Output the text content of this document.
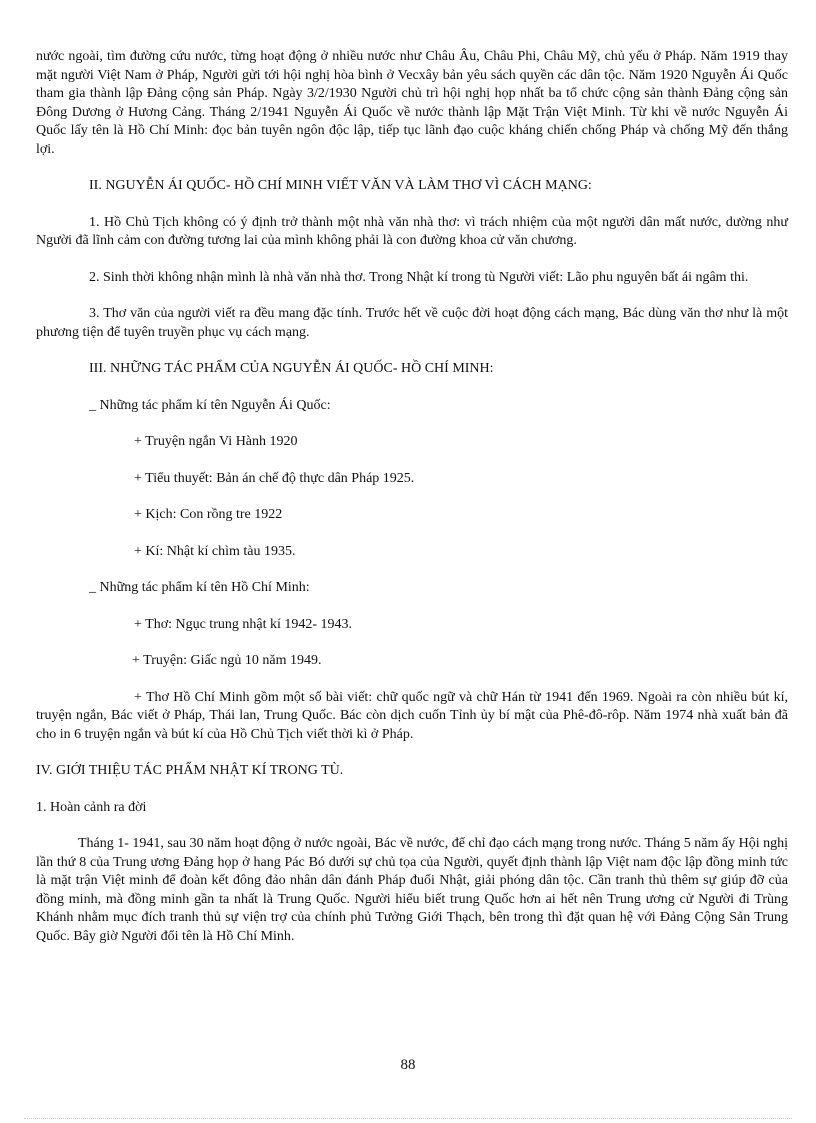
nước ngoài, tìm đường cứu nước, từng hoạt động ở nhiều nước như Châu Âu, Châu Phi, Châu Mỹ, chủ yếu ở Pháp. Năm 1919 thay mặt người Việt Nam ở Pháp, Người gửi tới hội nghị hòa bình ở Vecxây bản yêu sách quyền các dân tộc. Năm 1920 Nguyễn Ái Quốc tham gia thành lập Đảng cộng sản Pháp. Ngày 3/2/1930 Người chủ trì hội nghị họp nhất ba tổ chức cộng sản thành Đảng cộng sản Đông Dương ở Hương Cảng. Tháng 2/1941 Nguyễn Ái Quốc về nước thành lập Mặt Trận Việt Minh. Từ khi về nước Nguyễn Ái Quốc lấy tên là Hồ Chí Minh: đọc bản tuyên ngôn độc lập, tiếp tục lãnh đạo cuộc kháng chiến chống Pháp và chống Mỹ đến thắng lợi.

II. NGUYỄN ÁI QUỐC- HỒ CHÍ MINH VIẾT VĂN VÀ LÀM THƠ VÌ CÁCH MẠNG:

1. Hồ Chủ Tịch không có ý định trở thành một nhà văn nhà thơ: vì trách nhiệm của một người dân mất nước, dường như Người đã lĩnh cảm con đường tương lai của mình không phải là con đường khoa cử văn chương.

2. Sinh thời không nhận mình là nhà văn nhà thơ. Trong Nhật kí trong tù Người viết: Lão phu nguyên bất ái ngâm thi.

3. Thơ văn của người viết ra đều mang đặc tính. Trước hết về cuộc đời hoạt động cách mạng, Bác dùng văn thơ như là một phương tiện để tuyên truyền phục vụ cách mạng.

III. NHỮNG TÁC PHẨM CỦA NGUYỄN ÁI QUỐC- HỒ CHÍ MINH:

_ Những tác phẩm kí tên Nguyễn Ái Quốc:

+ Truyện ngắn Vi Hành 1920

+ Tiểu thuyết: Bản án chế độ thực dân Pháp 1925.

+ Kịch: Con rồng tre 1922

+ Kí: Nhật kí chìm tàu 1935.

_ Những tác phẩm kí tên Hồ Chí Minh:

+ Thơ: Ngục trung nhật kí 1942- 1943.

+ Truyện: Giấc ngủ 10 năm 1949.

+ Thơ Hồ Chí Minh gồm một số bài viết: chữ quốc ngữ và chữ Hán từ 1941 đến 1969. Ngoài ra còn nhiều bút kí, truyện ngắn, Bác viết ở Pháp, Thái lan, Trung Quốc. Bác còn dịch cuốn Tỉnh ủy bí mật của Phê-đô-rôp. Năm 1974 nhà xuất bản đã cho in 6 truyện ngắn và bút kí của Hồ Chủ Tịch viết thời kì ở Pháp.

IV. GIỚI THIỆU TÁC PHẨM NHẬT KÍ TRONG TÙ.

1. Hoàn cảnh ra đời

Tháng 1- 1941, sau 30 năm hoạt động ở nước ngoài, Bác về nước, để chỉ đạo cách mạng trong nước. Tháng 5 năm ấy Hội nghị lần thứ 8 của Trung ương Đảng họp ở hang Pác Bó dưới sự chủ tọa của Người, quyết định thành lập Việt nam độc lập đồng minh tức là mặt trận Việt minh để đoàn kết đông đảo nhân dân đánh Pháp đuổi Nhật, giải phóng dân tộc. Cần tranh thủ thêm sự giúp đỡ của đồng minh, mà đồng minh gần ta nhất là Trung Quốc. Người hiểu biết trung Quốc hơn ai hết nên Trung ương cử Người đi Trùng Khánh nhằm mục đích tranh thủ sự viện trợ của chính phủ Tưởng Giới Thạch, bên trong thì đặt quan hệ với Đảng Cộng Sản Trung Quốc. Bây giờ Người đổi tên là Hồ Chí Minh.

88
